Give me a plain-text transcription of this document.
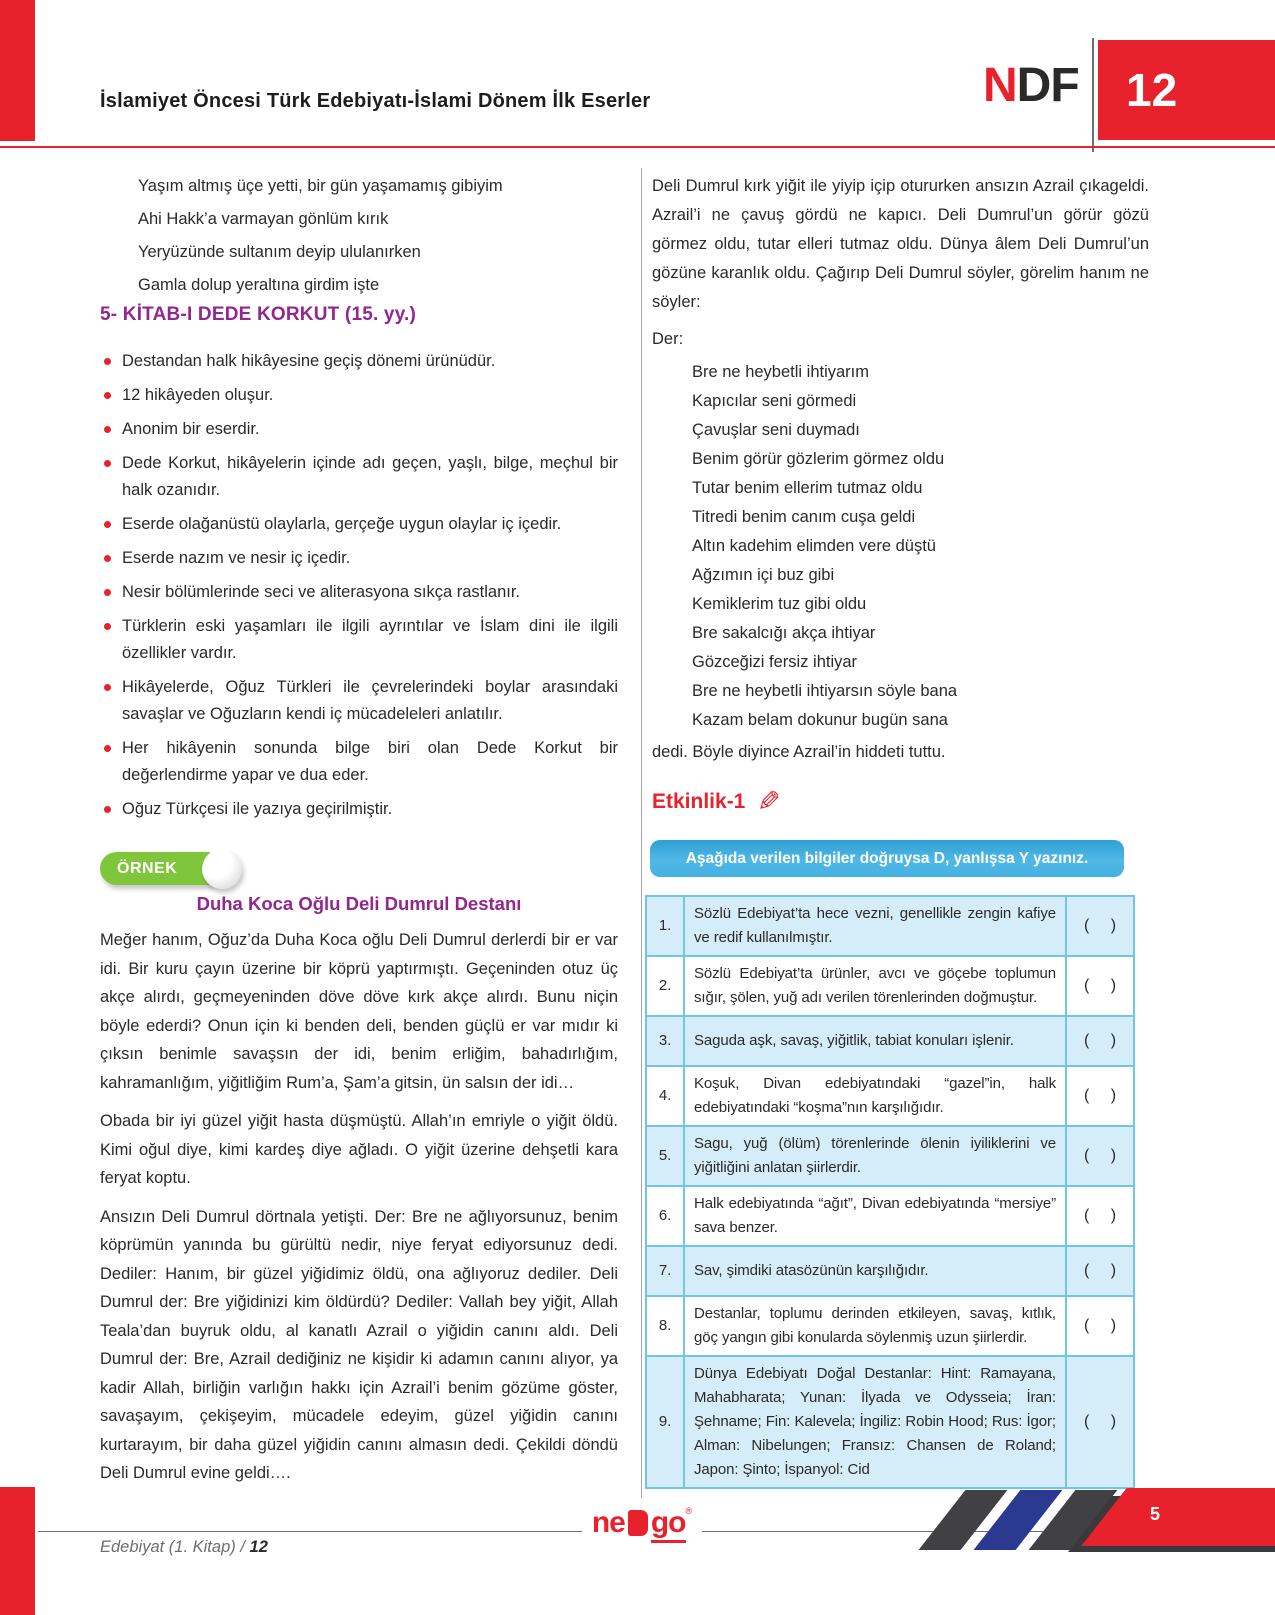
İslamiyet Öncesi Türk Edebiyatı-İslami Dönem İlk Eserler	NDF	12
Yaşım altmış üçe yetti, bir gün yaşamamış gibiyim
Ahi Hakk’a varmayan gönlüm kırık
Yeryüzünde sultanım deyip ululanırken
Gamla dolup yeraltına girdim işte
5- KİTAB-I DEDE KORKUT (15. yy.)
Destandan halk hikâyesine geçiş dönemi ürünüdür.
12 hikâyeden oluşur.
Anonim bir eserdir.
Dede Korkut, hikâyelerin içinde adı geçen, yaşlı, bilge, meçhul bir halk ozanıdır.
Eserde olağanüstü olaylarla, gerçeğe uygun olaylar iç içedir.
Eserde nazım ve nesir iç içedir.
Nesir bölümlerinde seci ve aliterasyona sıkça rastlanır.
Türklerin eski yaşamları ile ilgili ayrıntılar ve İslam dini ile ilgili özellikler vardır.
Hikâyelerde, Oğuz Türkleri ile çevrelerindeki boylar arasındaki savaşlar ve Oğuzların kendi iç mücadeleleri anlatılır.
Her hikâyenin sonunda bilge biri olan Dede Korkut bir değerlendirme yapar ve dua eder.
Oğuz Türkçesi ile yazıya geçirilmiştir.
ÖRNEK
Duha Koca Oğlu Deli Dumrul Destanı

Meğer hanım, Oğuz’da Duha Koca oğlu Deli Dumrul derlerdi bir er var idi. Bir kuru çayın üzerine bir köprü yaptırmıştı. Geçeninden otuz üç akçe alırdı, geçmeyeninden döve döve kırk akçe alırdı. Bunu niçin böyle ederdi? Onun için ki benden deli, benden güçlü er var mıdır ki çıksın benimle savaşsın der idi, benim erliğim, bahadırlığım, kahramanlığım, yiğitliğim Rum’a, Şam’a gitsin, ün salsın der idi…

Obada bir iyi güzel yiğit hasta düşmüştü. Allah’ın emriyle o yiğit öldü. Kimi oğul diye, kimi kardeş diye ağladı. O yiğit üzerine dehşetli kara feryat koptu.

Ansızın Deli Dumrul dörtnala yetişti. Der: Bre ne ağlıyorsunuz, benim köprümün yanında bu gürültü nedir, niye feryat ediyorsunuz dedi. Dediler: Hanım, bir güzel yiğidimiz öldü, ona ağlıyoruz dediler. Deli Dumrul der: Bre yiğidinizi kim öldürdü? Dediler: Vallah bey yiğit, Allah Teala’dan buyruk oldu, al kanatlı Azrail o yiğidin canını aldı. Deli Dumrul der: Bre, Azrail dediğiniz ne kişidir ki adamın canını alıyor, ya kadir Allah, birliğin varlığın hakkı için Azrail’i benim gözüme göster, savaşayım, çekişeyim, mücadele edeyim, güzel yiğidin canını kurtarayım, bir daha güzel yiğidin canını almasın dedi. Çekildi döndü Deli Dumrul evine geldi….

Deli Dumrul kırk yiğit ile yiyip içip otururken ansızın Azrail çıkageldi. Azrail’i ne çavuş gördü ne kapıcı. Deli Dumrul’un görür gözü görmez oldu, tutar elleri tutmaz oldu. Dünya âlem Deli Dumrul’un gözüne karanlık oldu. Çağırıp Deli Dumrul söyler, görelim hanım ne söyler:

Der:
Bre ne heybetli ihtiyarım
Kapıcılar seni görmedi
Çavuşlar seni duymadı
Benim görür gözlerim görmez oldu
Tutar benim ellerim tutmaz oldu
Titredi benim canım cuşa geldi
Altın kadehim elimden vere düştü
Ağzımın içi buz gibi
Kemiklerim tuz gibi oldu
Bre sakalcığı akça ihtiyar
Gözceğizi fersiz ihtiyar
Bre ne heybetli ihtiyarsın söyle bana
Kazam belam dokunur bugün sana
dedi. Böyle diyince Azrail’in hiddeti tuttu.
Etkinlik-1 ✎
Aşağıda verilen bilgiler doğruysa D, yanlışsa Y yazınız.
1.	Sözlü Edebiyat’ta hece vezni, genellikle zengin kafiye ve redif kullanılmıştır.	( )

2.	Sözlü Edebiyat’ta ürünler, avcı ve göçebe toplumun sığır, şölen, yuğ adı verilen törenlerinden doğmuştur.	( )

3.	Saguda aşk, savaş, yiğitlik, tabiat konuları işlenir.	( )

4.	Koşuk, Divan edebiyatındaki “gazel”in, halk edebiyatındaki “koşma”nın karşılığıdır.	( )

5.	Sagu, yuğ (ölüm) törenlerinde ölenin iyiliklerini ve yiğitliğini anlatan şiirlerdir.	( )

6.	Halk edebiyatında “ağıt”, Divan edebiyatında “mersiye” sava benzer.	( )

7.	Sav, şimdiki atasözünün karşılığıdır.	( )

8.	Destanlar, toplumu derinden etkileyen, savaş, kıtlık, göç yangın gibi konularda söylenmiş uzun şiirlerdir.	( )

9.	Dünya Edebiyatı Doğal Destanlar: Hint: Ramayana, Mahabharata; Yunan: İlyada ve Odysseia; İran: Şehname; Fin: Kalevela; İngiliz: Robin Hood; Rus: İgor; Alman: Nibelungen; Fransız: Chansen de Roland; Japon: Şinto; İspanyol: Cid	( )
Edebiyat (1. Kitap) / 12
ne go®	5
